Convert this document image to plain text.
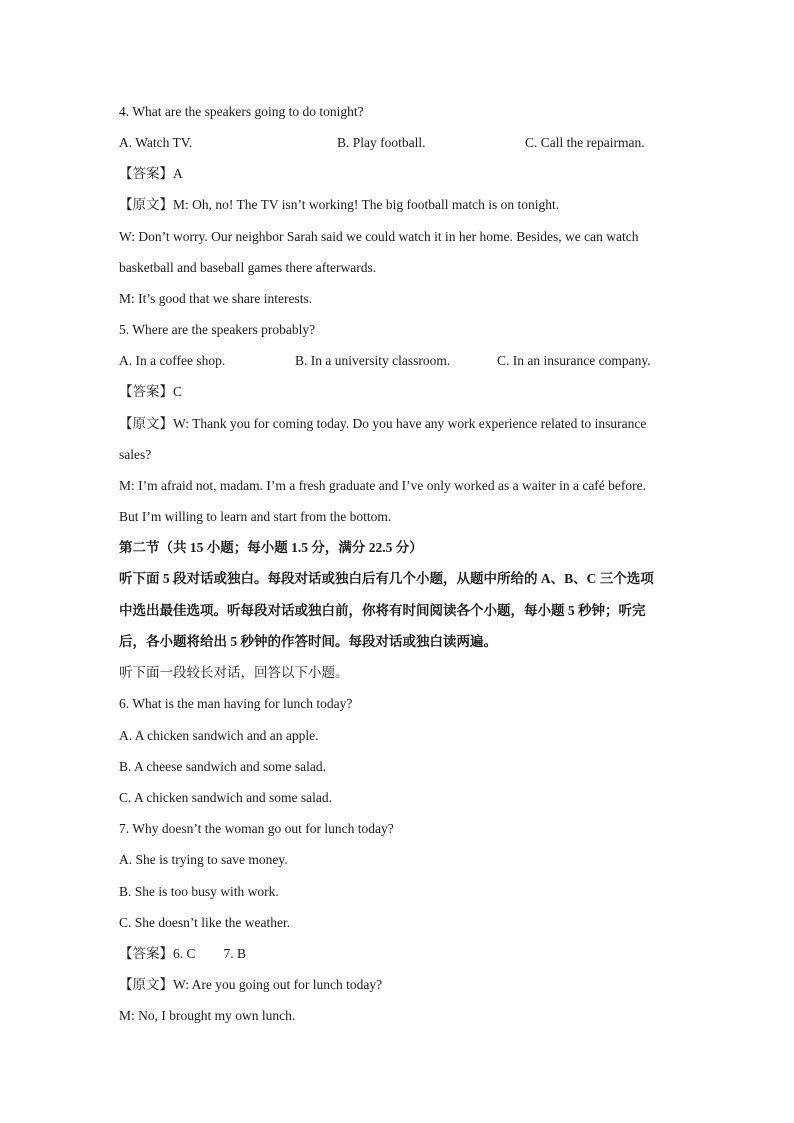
4. What are the speakers going to do tonight?
A. Watch TV.	B. Play football.	C. Call the repairman.
【答案】A
【原文】M: Oh, no! The TV isn’t working! The big football match is on tonight.
W: Don’t worry. Our neighbor Sarah said we could watch it in her home. Besides, we can watch
basketball and baseball games there afterwards.
M: It’s good that we share interests.
5. Where are the speakers probably?
A. In a coffee shop.	B. In a university classroom.	C. In an insurance company.
【答案】C
【原文】W: Thank you for coming today. Do you have any work experience related to insurance
sales?
M: I’m afraid not, madam. I’m a fresh graduate and I’ve only worked as a waiter in a café before.
But I’m willing to learn and start from the bottom.
第二节（共 15 小题；每小题 1.5 分，满分 22.5 分）
听下面 5 段对话或独白。每段对话或独白后有几个小题，从题中所给的 A、B、C 三个选项
中选出最佳选项。听每段对话或独白前，你将有时间阅读各个小题，每小题 5 秒钟；听完
后，各小题将给出 5 秒钟的作答时间。每段对话或独白读两遍。
听下面一段较长对话，回答以下小题。
6. What is the man having for lunch today?
A. A chicken sandwich and an apple.
B. A cheese sandwich and some salad.
C. A chicken sandwich and some salad.
7. Why doesn’t the woman go out for lunch today?
A. She is trying to save money.
B. She is too busy with work.
C. She doesn’t like the weather.
【答案】6. C 7. B
【原文】W: Are you going out for lunch today?
M: No, I brought my own lunch.
